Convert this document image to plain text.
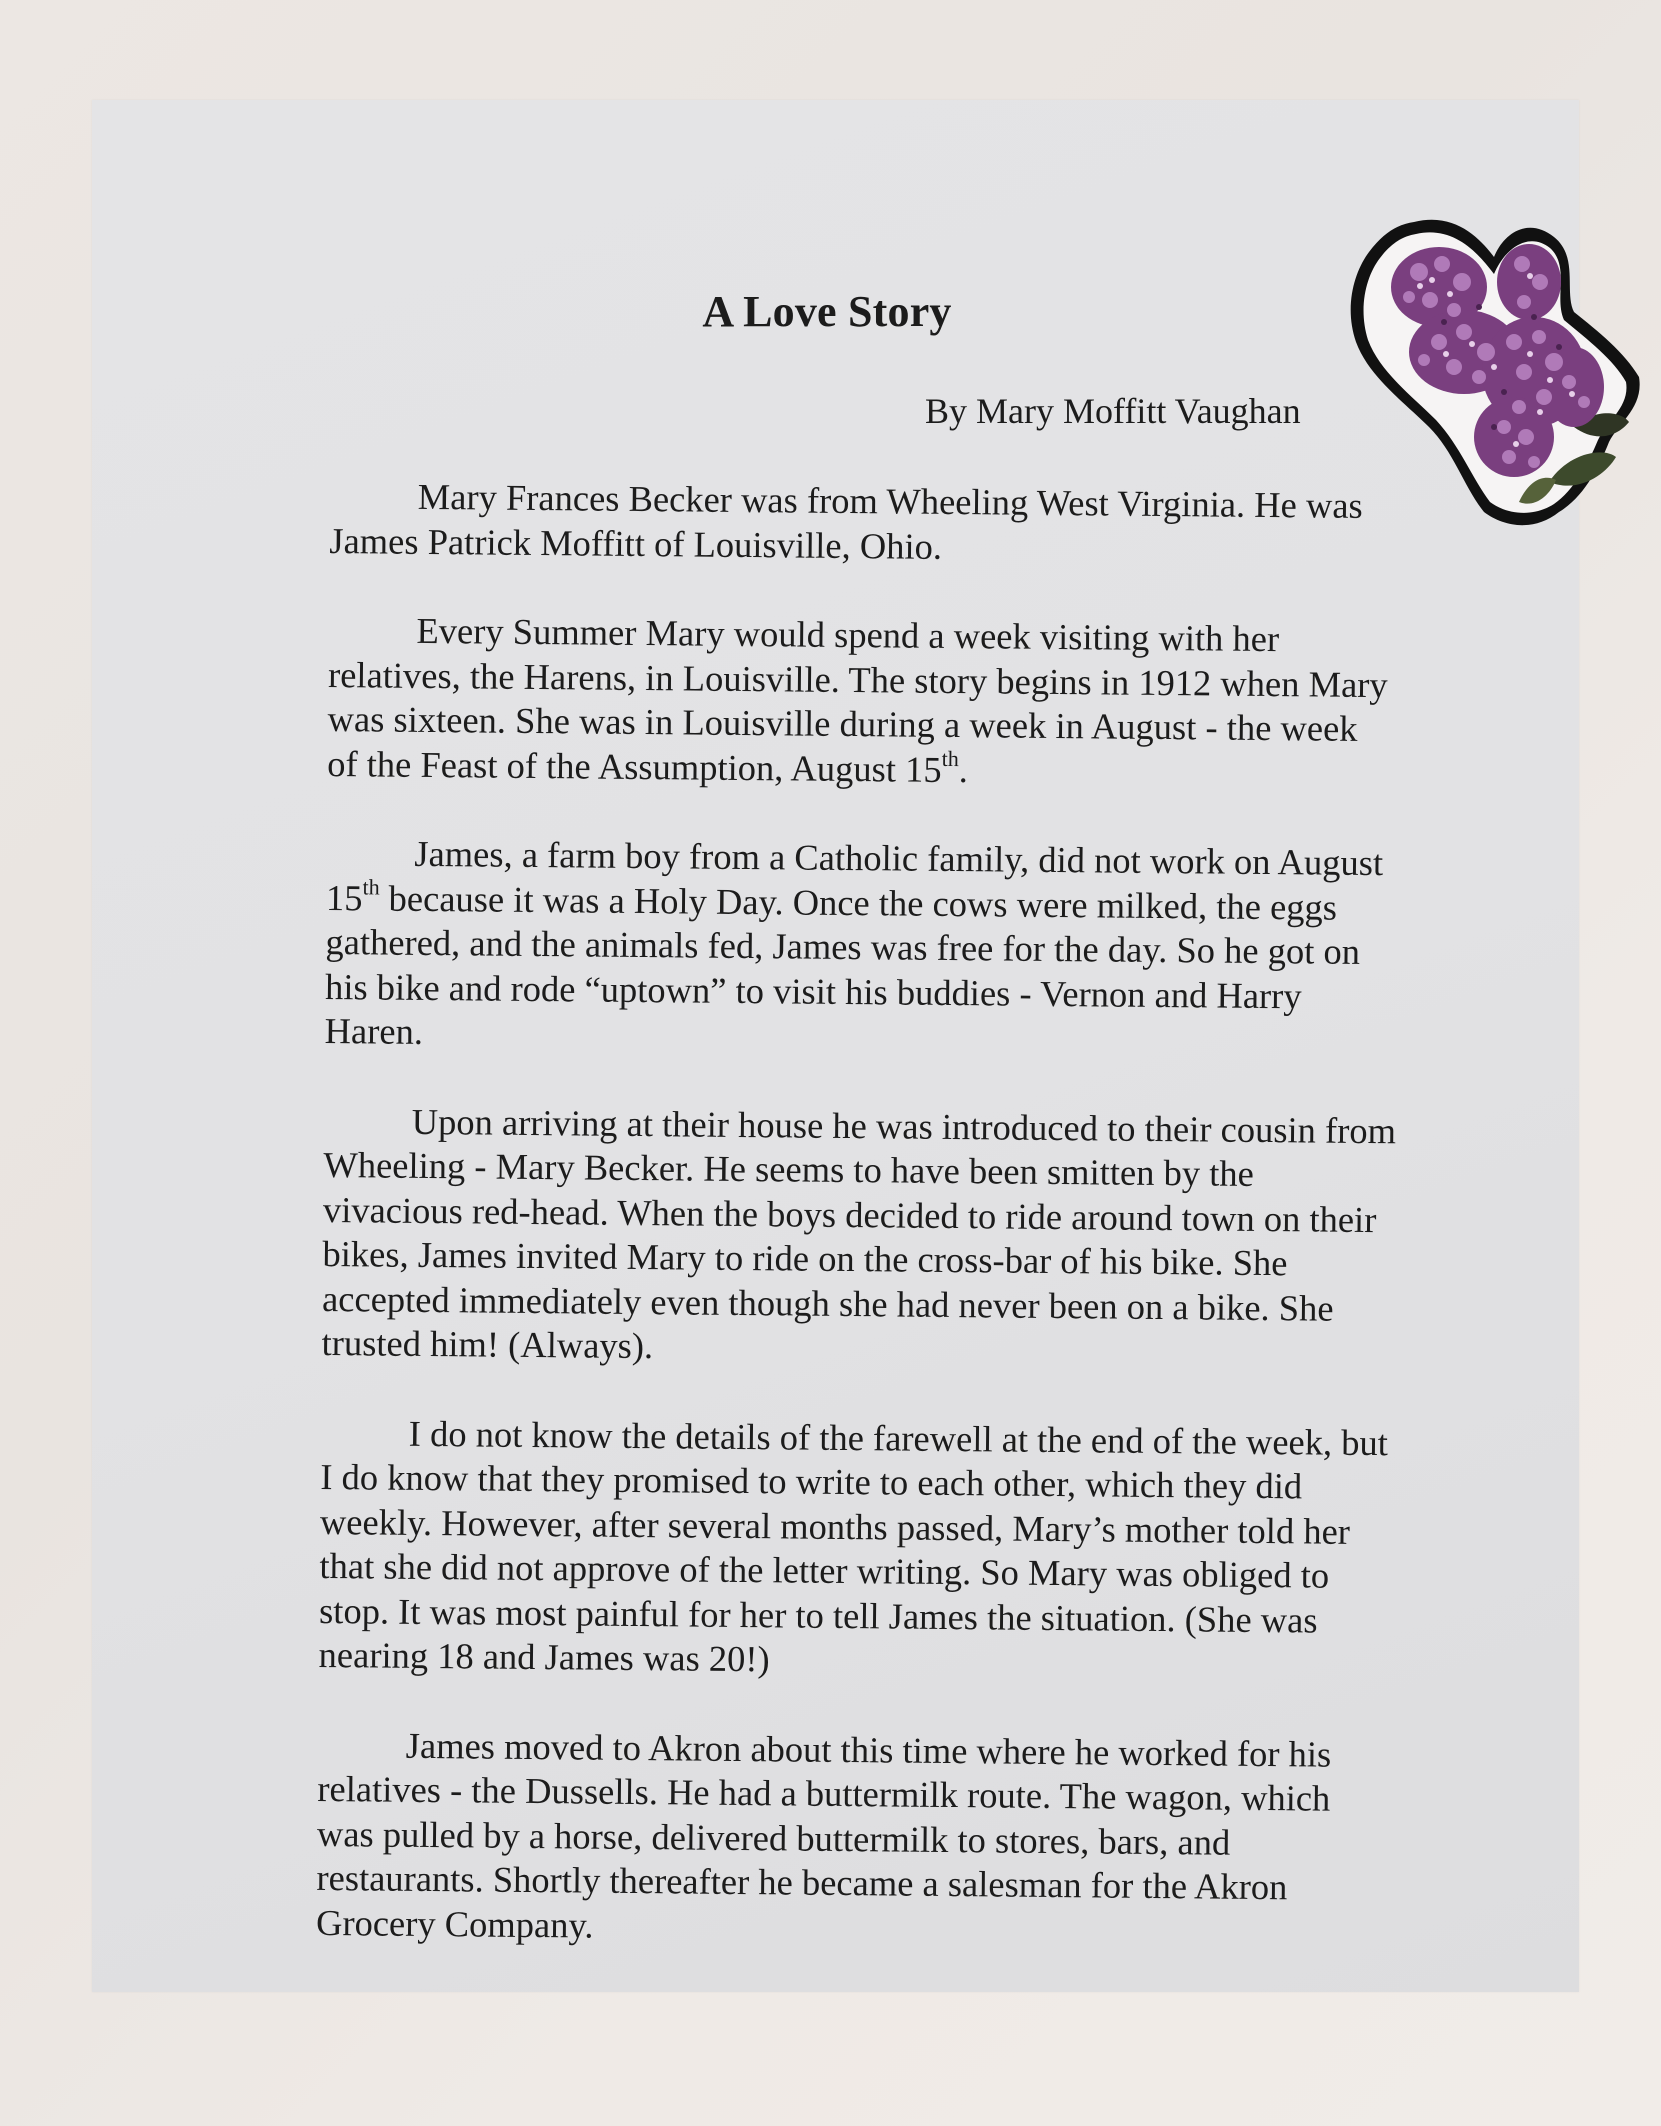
A Love Story
By Mary Moffitt Vaughan

Mary Frances Becker was from Wheeling West Virginia. He was
James Patrick Moffitt of Louisville, Ohio.

Every Summer Mary would spend a week visiting with her
relatives, the Harens, in Louisville. The story begins in 1912 when Mary
was sixteen. She was in Louisville during a week in August - the week
of the Feast of the Assumption, August 15th.

James, a farm boy from a Catholic family, did not work on August
15th because it was a Holy Day. Once the cows were milked, the eggs
gathered, and the animals fed, James was free for the day. So he got on
his bike and rode “uptown” to visit his buddies - Vernon and Harry
Haren.

Upon arriving at their house he was introduced to their cousin from
Wheeling - Mary Becker. He seems to have been smitten by the
vivacious red-head. When the boys decided to ride around town on their
bikes, James invited Mary to ride on the cross-bar of his bike. She
accepted immediately even though she had never been on a bike. She
trusted him! (Always).

I do not know the details of the farewell at the end of the week, but
I do know that they promised to write to each other, which they did
weekly. However, after several months passed, Mary’s mother told her
that she did not approve of the letter writing. So Mary was obliged to
stop. It was most painful for her to tell James the situation. (She was
nearing 18 and James was 20!)

James moved to Akron about this time where he worked for his
relatives - the Dussells. He had a buttermilk route. The wagon, which
was pulled by a horse, delivered buttermilk to stores, bars, and
restaurants. Shortly thereafter he became a salesman for the Akron
Grocery Company.
